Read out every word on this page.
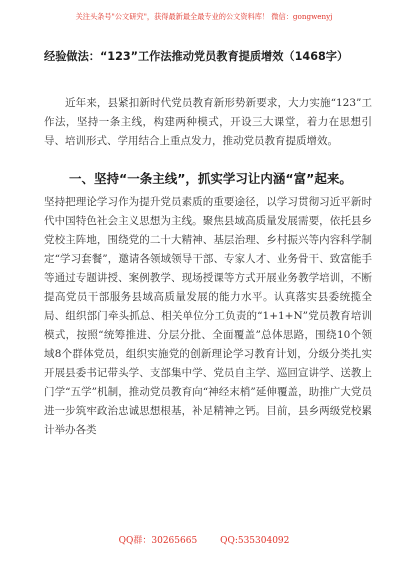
关注头条号"公文研究"，获得最新最全最专业的公文资料库！ 微信：gongwenyj
经验做法：“123”工作法推动党员教育提质增效（1468字）

近年来，县紧扣新时代党员教育新形势新要求，大力实施“123”工作法，坚持一条主线，构建两种模式，开设三大课堂，着力在思想引导、培训形式、学用结合上重点发力，推动党员教育提质增效。

一、坚持“一条主线”，抓实学习让内涵“富”起来。

坚持把理论学习作为提升党员素质的重要途径，以学习贯彻习近平新时代中国特色社会主义思想为主线。聚焦县域高质量发展需要，依托县乡党校主阵地，围绕党的二十大精神、基层治理、乡村振兴等内容科学制定“学习套餐”，邀请各领域领导干部、专家人才、业务骨干、致富能手等通过专题讲授、案例教学、现场授课等方式开展业务教学培训，不断提高党员干部服务县域高质量发展的能力水平。认真落实县委统揽全局、组织部门牵头抓总、相关单位分工负责的“1+1+N”党员教育培训模式，按照“统筹推进、分层分批、全面覆盖”总体思路，围绕10个领域8个群体党员，组织实施党的创新理论学习教育计划，分级分类扎实开展县委书记带头学、支部集中学、党员自主学、巡回宣讲学、送教上门学“五学”机制，推动党员教育向“神经末梢”延伸覆盖，助推广大党员进一步筑牢政治忠诚思想根基，补足精神之钙。目前，县乡两级党校累计举办各类

QQ群：30265665	QQ:535304092
